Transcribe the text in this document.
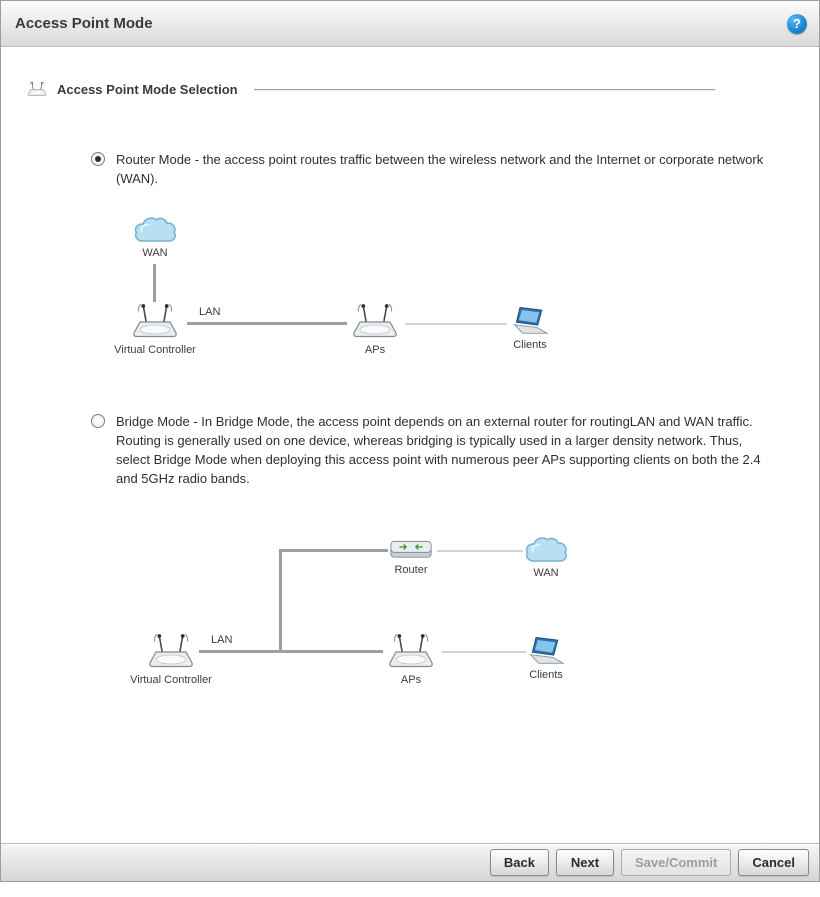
Access Point Mode	?
Access Point Mode Selection
Router Mode - the access point routes traffic between the wireless network and the Internet or corporate network (WAN).
WAN
Virtual Controller
LAN
APs	Clients
Bridge Mode - In Bridge Mode, the access point depends on an external router for routingLAN and WAN traffic. Routing is generally used on one device, whereas bridging is typically used in a larger density network. Thus, select Bridge Mode when deploying this access point with numerous peer APs supporting clients on both the 2.4 and 5GHz radio bands.
Router	WAN
Virtual Controller
LAN
APs	Clients
Back	Next	Save/Commit	Cancel
